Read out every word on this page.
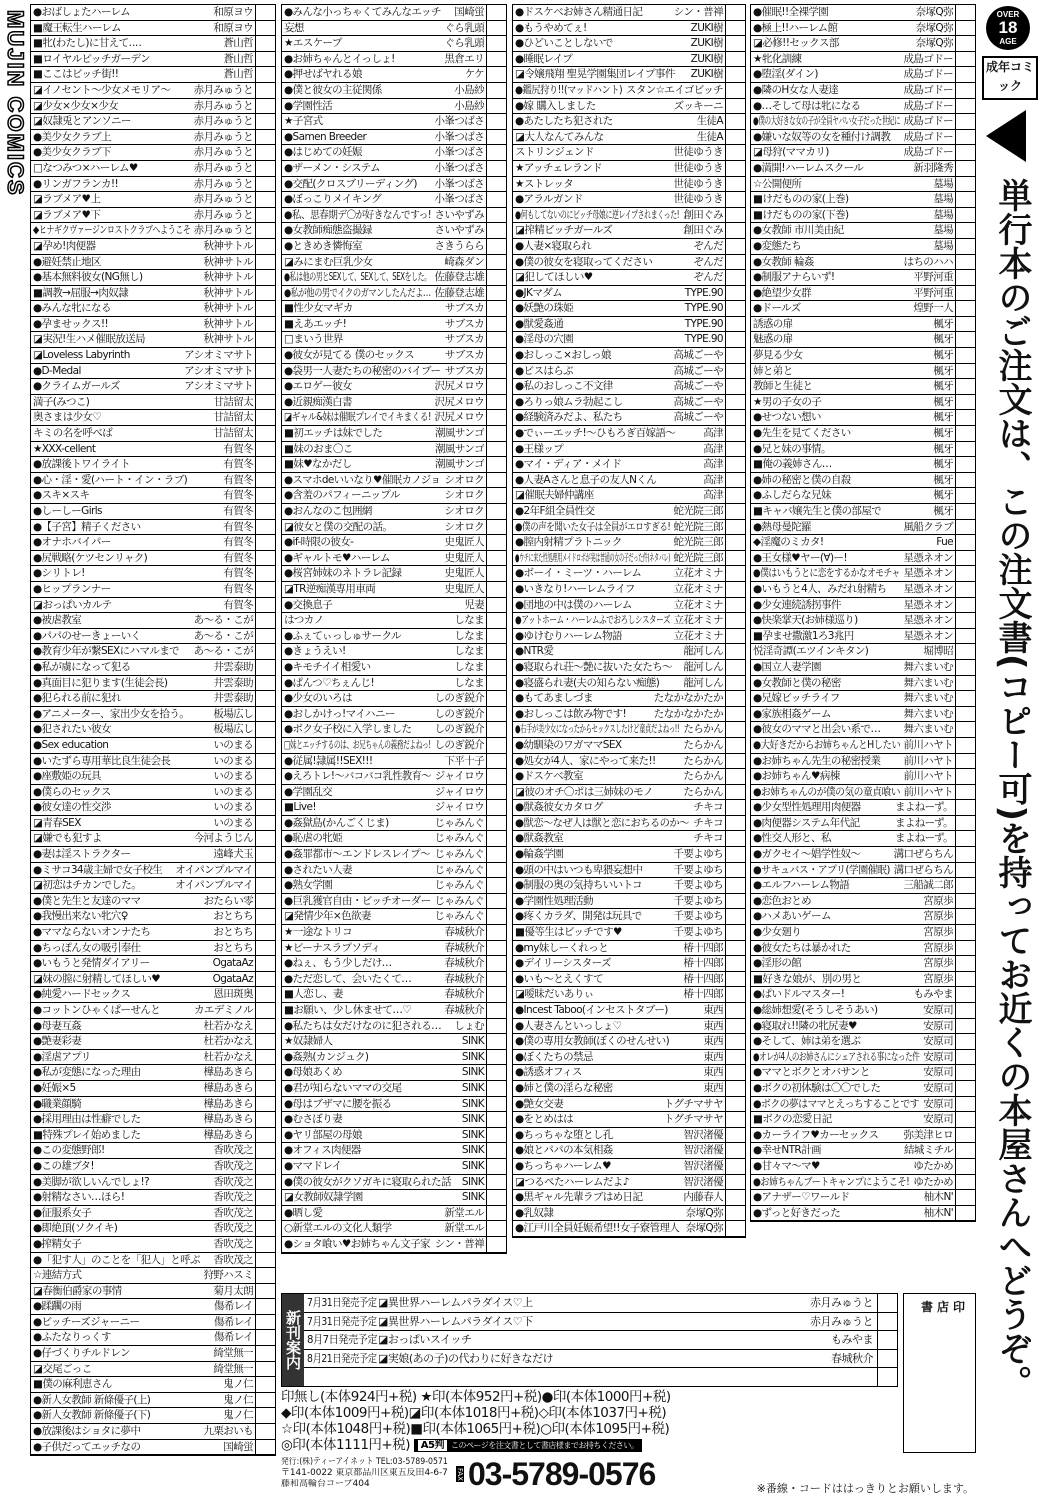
MUJIN COMICS ●おばしょたハーレム	和原ヨウ
■魔王転生ハーレム	和原ヨウ
■牝(わたし)に甘えて‥‥	蒼山哲
■ロイヤルビッチガーデン	蒼山哲
■ここはビッチ街!!	蒼山哲
◪イノセント〜少女メモリア〜	赤月みゅうと
◪少女×少女×少女	赤月みゅうと
◪奴隷兎とアンソニー	赤月みゅうと
●美少女クラブ上	赤月みゅうと
●美少女クラブ下	赤月みゅうと
□なつみつ×ハーレム♥	赤月みゅうと
●リンガフランカ!!	赤月みゅうと
◪ラブメア♥上	赤月みゅうと
◪ラブメア♥下	赤月みゅうと
◆ヒナギクヴァージンロストクラブへようこそ 赤月みゅうと
◪孕め!肉便器	秋神サトル
●避妊禁止地区	秋神サトル
●基本無料彼女(NG無し)	秋神サトル
■調教→屈服→肉奴隷	秋神サトル
●みんな牝になる	秋神サトル
●孕ませックス!!	秋神サトル
◪実況!生ハメ催眠放送局	秋神サトル
◪Loveless Labyrinth	アシオミマサト
●D-Medal	アシオミマサト
●クライムガールズ	アシオミマサト
満子(みつこ)	甘詰留太
奥さまは少女♡	甘詰留太
キミの名を呼べば	甘詰留太
★XXX-cellent	有賀冬
●放課後トワイライト	有賀冬
●心・淫・愛(ハート・イン・ラブ)	有賀冬
●スキ×スキ	有賀冬
●しーしーGirls	有賀冬
●【子宮】精子ください	有賀冬
●オナホバイパー	有賀冬
●尻戦略(ケツセンリャク)	有賀冬
●シリトレ!	有賀冬
●ヒップランナー	有賀冬
◪おっぱいカルテ	有賀冬
●被虐教室	あ〜る・こが
●パパのせーきょーいく	あ〜る・こが
●教育少年が繋SEXにハマルまで	あ〜る・こが
●私が虜になって犯る	井雲泰助
●真面目に犯ります(生徒会長)	井雲泰助
●犯られる前に犯れ	井雲泰助
●アニメーター、家出少女を拾う。	板場広し
●犯されたい彼女	板場広し
●Sex education	いのまる
●いたずら専用華比良生徒会長	いのまる
●座敷姫の玩具	いのまる
●僕らのセックス	いのまる
●彼女達の性交渉	いのまる
◪青春SEX	いのまる
◪嫌でも犯すよ	今河ようじん
●妻は淫ストラクター	遠峰犬玉
●ミサコ34歳主婦で女子校生	オイパンプルマイ
◪初恋はチカンでした。	オイパンプルマイ
●僕と先生と友達のママ	おたらい零
●我慢出来ない牝穴♀	おとちち
●ママならないオンナたち	おとちち
●ちっぽん女の吸引奉仕	おとちち
●いもうと発情ダイアリー	OgataAz
◪妹の膣に射精してほしい♥	OgataAz
●純愛ハードセックス	恩田斑奥
●コットンひゃくぱーせんと	カエデミノル
●母妻互姦	杜若かなえ
●艶妻彩妻	杜若かなえ
●淫虐アプリ	杜若かなえ
●私が変態になった理由	樺島あきら
●妊娠×5	樺島あきら
●職業顔騎	樺島あきら
●採用理由は性癖でした	樺島あきら
■特殊プレイ始めました	樺島あきら
●この変態野郎!	香吹茂之
●この雄ブタ!	香吹茂之
●美脚が欲しいんでしょ!?	香吹茂之
●射精なさい…ほら!	香吹茂之
●征服系女子	香吹茂之
●即絶頂(ソクイキ)	香吹茂之
●搾精女子	香吹茂之
●「犯す人」のことを「犯人」と呼ぶ	香吹茂之
☆連結方式	狩野ハスミ
◪春衡伯爵家の事情	菊月太朗
●蹂躙の雨	傷希レイ
●ビッチーズジャーニー	傷希レイ
●ふたなりっくす	傷希レイ
●仔づくりチルドレン	綺堂無一
◪交尾ごっこ	綺堂無一
■僕の麻利恵さん	鬼ノ仁
●新人女教師 新條優子(上)	鬼ノ仁
●新人女教師 新條優子(下)	鬼ノ仁
●放課後はショタに夢中	九栗おいも
●子供だってエッチなの	国崎蛍
●みんな小っちゃくてみんなエッチ	国崎蛍
妄想	ぐら乳頭
★エスケープ	ぐら乳頭
●お姉ちゃんとイっしょ!	黒倉エリ
●押せばヤれる娘	ケケ
●僕と彼女の主従関係	小島紗
●学園性活	小島紗
★子宮式	小峯つばさ
●Samen Breeder	小峯つばさ
●はじめての妊娠	小峯つばさ
●ザーメン・システム	小峯つばさ
●交配(クロスブリーディング)	小峯つばさ
●ぼっこりメイキング	小峯つばさ
●私、思春期デ〇が好きなんですっ! さいやずみ
●女教師痴態盗撮録	さいやずみ
●ときめき憐悔室	さきうらら
◪みにまむ巨乳少女	崎森ダン
●私は他の男とSEXして、SEXして、SEXをした。 佐藤登志雄
●私が他の男でイクのガマンしたんだよ… 佐藤登志雄
■性少女マギカ	サブスカ
■えあエッチ!	サブスカ
□まいう世界	サブスカ
●彼女が見てる 僕のセックス	サブスカ
●袋男一人妻たちの秘密のバイブー サブスカ
●エロゲー彼女	沢尻メロウ
●近親痴漢白書	沢尻メロウ
◪ギャル&妹は催眠プレイでイキまくる! 沢尻メロウ
■初エッチは妹でした	潮風サンゴ
■妹のおま〇こ	潮風サンゴ
■妹♥なかだし	潮風サンゴ
●スマホdeいいなり♥催眠カノジョ シオロク
●含羞のパフィーニップル	シオロク
●おんなのこ包囲網	シオロク
◪彼女と僕の交配の話。	シオロク
●if-時限の彼女-	史鬼匠人
●ギャルトモ♥ハーレム	史鬼匠人
●桜宮姉妹のネトラレ記録	史鬼匠人
◪TR逆痴漢専用車両	史鬼匠人
●交換息子	児妻
はつカノ	しなま
●ふぇてぃっしゅサークル	しなま
●きょうえい!	しなま
●キモチイイ相愛い	しなま
●ぱんつ♡ちぇんじ!	しなま
●少女のいろは	しのぎ鋭介
●おしかけっ!マイハニー	しのぎ鋭介
●ボク女子校に入学しました	しのぎ鋭介
□妹とエッチするのは、お兄ちゃんの義務だよねっ! しのぎ鋭介
●従属!隷属!!SEX!!!	下平十子
●えろトレ!〜バコバコ乳性教育〜 ジャイロウ
●学園乱交	ジャイロウ
■Live!	ジャイロウ
●姦獄島(かんごくじま)	じゃみんぐ
●恥虐の牝姫	じゃみんぐ
●姦罪都市〜エンドレスレイプ〜 じゃみんぐ
●されたい人妻	じゃみんぐ
●熟女学園	じゃみんぐ
●巨乳獲官自由・ビッチオーダー じゃみんぐ
◪発情少年×色欲妻	じゃみんぐ
★一途なトリコ	春城秋介
★ビーナスラプソディ	春城秋介
●ねぇ、もう少しだけ…	春城秋介
●ただ恋して、会いたくて…	春城秋介
■人恋し、妻	春城秋介
■お願い、少し休ませて…♡	春城秋介
●私たちは女だけなのに犯される…	しょむ
★奴隷婦人	SINK
●姦熟(カンジュク)	SINK
●母娘あくめ	SINK
●君が知らないママの交尾	SINK
●母はブザマに腰を振る	SINK
●むさぼり妻	SINK
●ヤリ部屋の母娘	SINK
●オフィス肉便器	SINK
●ママドレイ	SINK
●僕の彼女がクソガキに寝取られた話	SINK
◪女教師奴隷学園	SINK
●晒し愛	新堂エル
○新堂エルの文化人類学	新堂エル
●ショタ喰い♥お姉ちゃん文子家 シン・普禅
●ドスケベお姉さん精通日記	シン・普禅
●もうやめてぇ!	ZUKI樹
●ひどいことしないで	ZUKI樹
●睡眠レイプ	ZUKI樹
◪令嬢飛翔 聖晃学園集団レイプ事件	ZUKI樹
●鑑尻狩り!!(マッドハント) スタン☆エイゴビッチ
●嫁 購入しました	ズッキーニ
●あたしたち犯された	生徒A
◪大人なんてみんな	生徒A
ストリンジェンド	世徒ゆうき
★アッチェレランド	世徒ゆうき
★ストレッタ	世徒ゆうき
●アラルガンド	世徒ゆうき
●何もしてないのにビッチ母娘に逆レイプされまくった! 創田ぐみ
◪搾精ビッチガールズ	創田ぐみ
●人妻×寝取られ	ぞんだ
●僕の彼女を寝取ってください	ぞんだ
◪犯してほしい♥	ぞんだ
●JKマダム	TYPE.90
●妖艶の珠姫	TYPE.90
●獣愛姦通	TYPE.90
●淫母の穴園	TYPE.90
●おしっこ×おしっ娘	高城ごーや
●ビスはらぶ	高城ごーや
●私のおしっこ不文律	高城ごーや
●ろりっ娘ムラ勃起こし	高城ごーや
●経験済みだよ、私たち	高城ごーや
●でぃーエッチ!〜ひもろぎ百嫁語〜	高津
●王様ップ	高津
●マイ・ディア・メイド	高津
●人妻Aさんと息子の友人Nくん	高津
◪催眠夫婦仲講座	高津
●2年F組全員性交	蛇光院三郎
●僕の声を聞いた女子は全員がエロすぎる! 蛇光院三郎
●膣内射精プラトニック	蛇光院三郎
●ウチに来た性処理用メイドロボが実は普通の女の子だった件(ネタバレ) 蛇光院三郎
●ボーイ・ミーツ・ハーレム	立花オミナ
●いきなり!ハーレムライフ	立花オミナ
●団地の中は僕のハーレム	立花オミナ
●アットホーム・ハーレムふでおろしシスターズ 立花オミナ
●ゆけむりハーレム物語	立花オミナ
●NTR愛	龍河しん
●寝取られ荘〜艶に抜いた女たち〜	龍河しん
●寝盛られ妻(夫の知らない痴態)	龍河しん
●もてあましづま	たなかなかたか
●おしっこは飲み物です!	たなかなかたか
●右手が美少女になったからセックスしたけど童貞だよねっ!! たらかん
●幼馴染のワガママSEX	たらかん
●処女が4人、家にやって来た!!	たらかん
●ドスケベ教室	たらかん
◪彼のオチ〇ポは三姉妹のモノ	たらかん
●獣姦彼女カタログ	チキコ
●獣恋〜なぜ人は獣と恋におちるのか〜 チキコ
●獣姦教室	チキコ
●輪姦学園	千要よゆち
●頭の中はいつも卑猥妄想中	千要よゆち
●制服の奥の気持ちいいトコ	千要よゆち
●学園性処理活動	千要よゆち
●疼くカラダ、開発は玩具で	千要よゆち
■優等生はビッチです♥	千要よゆち
●my妹しーくれっと	椿十四郎
●デイリーシスターズ	椿十四郎
●いも〜とえくすて	椿十四郎
◪嗳昧だいありぃ	椿十四郎
●Incest Taboo(インセストタブー)	東西
●人妻さんといっしょ♡	東西
●僕の専用女教師(ぼくのせんせい)	東西
●ぼくたちの禁忌	東西
●誘惑オフィス	東西
●姉と僕の淫らな秘密	東西
●艶女交妻	トグチマサヤ
●をとめはは	トグチマサヤ
●ちっちゃな堕とし孔	智沢渚優
●娘とパパの本気相姦	智沢渚優
●ちっちゃハーレム♥	智沢渚優
◪つるぺたハーレムだよ♪	智沢渚優
●黒ギャル先輩ラブはめ日記	内藤春人
●乳奴隷	奈塚Q弥
●江戸川全員妊娠希望!!女子寮管理人 奈塚Q弥
●催眠!!全裸学園	奈塚Q弥
●極上!!ハーレム館	奈塚Q弥
◪必修!!セックス部	奈塚Q弥
★牝化訓練	成島ゴドー
●堕淫(ダイン)	成島ゴドー
●隣のH女な人妻達	成島ゴドー
●…そして母は牝になる	成島ゴドー
●僕の大好きな女の子が全員ヤバい女子だった世紀に 成島ゴドー
●嫌いな奴等の女を種付け調教	成島ゴドー
◪母狩(ママカリ)	成島ゴドー
●満開!ハーレムスクール	新羽隆秀
☆公開便所	墓場
■けだものの家(上巻)	墓場
■けだものの家(下巻)	墓場
●女教師 市川美由紀	墓場
●変態たち	墓場
●女教師 輪姦	はちのハハ
●制服アナらいず!	平野河重
●絶望少女群	平野河重
●ドールズ	煌野一人
誘惑の扉	楓牙
魅惑の扉	楓牙
夢見る少女	楓牙
姉と弟と	楓牙
教師と生徒と	楓牙
★男の子女の子	楓牙
●せつない想い	楓牙
●先生を見てください	楓牙
●兄と妹の事情。	楓牙
■俺の義姉さん…	楓牙
●姉の秘密と僕の自殺	楓牙
●ふしだらな兄妹	楓牙
■キャバ嬢先生と僕の部屋で	楓牙
●熱母曼陀羅	風船クラブ
◆淫魔のミカタ!	Fue
●王女様♥ヤー(∀)ー!	星憑ネオン
●僕はいもうとに恋をするかなオモチャ 星憑ネオン
●いもうと4人、みだれ射精ち	星憑ネオン
●少女連続誘拐事件	星憑ネオン
●快楽掌天(お姉様巡り)	星憑ネオン
■孕ませ撒激1ろ3兆円	星憑ネオン
悦淫奇譚(エツインキタン)	堀博昭
●国立人妻学園	舞六まいむ
●女教師と僕の秘密	舞六まいむ
●兄嫁ビッチライフ	舞六まいむ
●家族相姦ゲーム	舞六まいむ
●彼女のママと出会い系で…	舞六まいむ
●大好きだからお姉ちゃんとHしたい 前川ハヤト
●お姉ちゃん先生の秘密授業	前川ハヤト
●お姉ちゃん♥病棟	前川ハヤト
●お姉ちゃんのが僕の気の童貞喰い 前川ハヤト
●少女型性処理用肉便器	まよねーず。
●肉便器システム年代記	まよねーず。
●性交人形と、私	まよねーず。
●ガクセイ〜娼学性奴〜	溝口ぜらちん
●サキュバス・アプリ(学園催眠) 溝口ぜらちん
●エルフハーレム物語	三船誠二郎
●恋色おとめ	宮原歩
●ハメあいゲーム	宮原歩
●少女廻り	宮原歩
●彼女たちは暴かれた	宮原歩
●淫形の館	宮原歩
■好きな娘が、別の男と	宮原歩
●ぱいドルマスター!	もみやま
●総姉想愛(そうしそうあい)	安原司
●寝取れ!!隣の牝尻妻♥	安原司
●そして、姉は弟を選ぶ	安原司
●オレが4人のお姉さんにシェアされる事になった件 安原司
●ママとボクとオバサンと	安原司
●ボクの初体験は〇〇でした	安原司
●ボクの夢はママとえっちすることです 安原司
■ボクの恋愛日記	安原司
●カーライフ♥カーセックス	弥美津ヒロ
●幸せNTR計画	結城ミチル
●甘々マ〜マ♥	ゆたかめ
●お姉ちゃんブートキャンプにようこそ! ゆたかめ
●アナザー♡ワールド	柚木N'
●ずっと好きだった	柚木N'
OVER
18
AGE
成年コミック
単行本のご注文は、この注文書(コピー可)を持ってお近くの本屋さんへどうぞ。
新刊案内
7月31日発売予定 ◪異世界ハーレムパラダイス♡上	赤月みゅうと
7月31日発売予定 ◪異世界ハーレムパラダイス♡下	赤月みゅうと
8月7日発売予定 ◪おっぱいスイッチ	もみやま
8月21日発売予定 ◪実娘(あの子)の代わりに好きなだけ	春城秋介
印無し(本体924円+税) ★印(本体952円+税)●印(本体1000円+税)
◆印(本体1009円+税)◪印(本体1018円+税)◇印(本体1037円+税)
☆印(本体1048円+税)■印(本体1065円+税)○印(本体1095円+税)
◎印(本体1111円+税) A5判 このページを注文書として書店様までお持ちください。
発行:(株)ティーアイネット TEL:03-5789-0571
〒141-0022 東京都品川区東五反田4-6-7
藤和高輪台コープ404
FAX 03-5789-0576
書店印
※番線・コードははっきりとお願いします。
